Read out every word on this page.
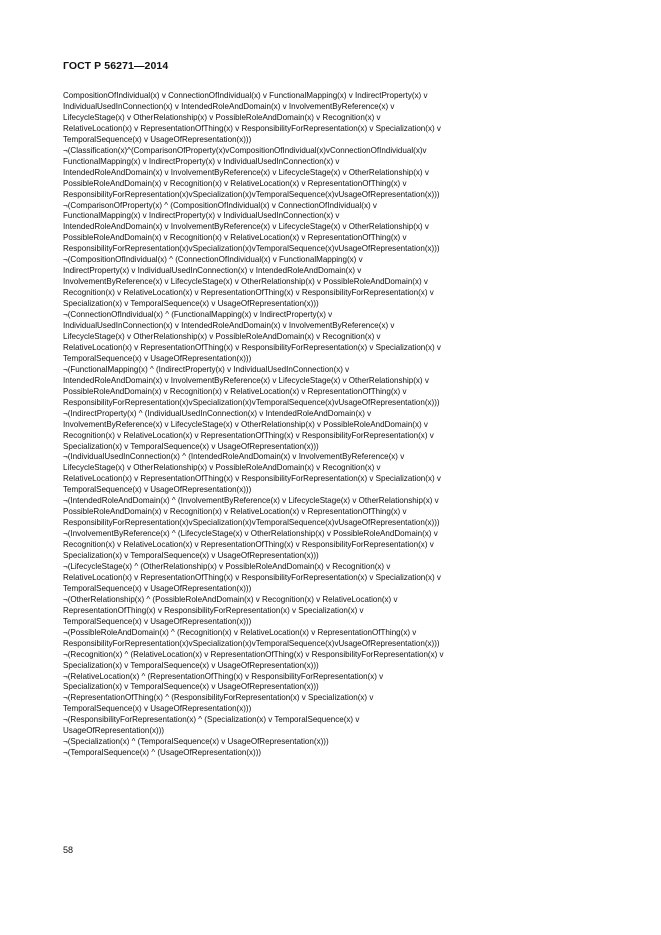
ГОСТ Р 56271—2014
CompositionOfIndividual(x) v ConnectionOfIndividual(x) v FunctionalMapping(x) v IndirectProperty(x) v
IndividualUsedInConnection(x) v IntendedRoleAndDomain(x) v InvolvementByReference(x) v
LifecycleStage(x) v OtherRelationship(x) v PossibleRoleAndDomain(x) v Recognition(x) v
RelativeLocation(x) v RepresentationOfThing(x) v ResponsibilityForRepresentation(x) v Specialization(x) v
TemporalSequence(x) v UsageOfRepresentation(x)))
¬(Classification(x)^(ComparisonOfProperty(x)vCompositionOfIndividual(x)vConnectionOfIndividual(x)v
FunctionalMapping(x) v IndirectProperty(x) v IndividualUsedInConnection(x) v
IntendedRoleAndDomain(x) v InvolvementByReference(x) v LifecycleStage(x) v OtherRelationship(x) v
PossibleRoleAndDomain(x) v Recognition(x) v RelativeLocation(x) v RepresentationOfThing(x) v
ResponsibilityForRepresentation(x)vSpecialization(x)vTemporalSequence(x)vUsageOfRepresentation(x)))
¬(ComparisonOfProperty(x) ^ (CompositionOfIndividual(x) v ConnectionOfIndividual(x) v
FunctionalMapping(x) v IndirectProperty(x) v IndividualUsedInConnection(x) v
IntendedRoleAndDomain(x) v InvolvementByReference(x) v LifecycleStage(x) v OtherRelationship(x) v
PossibleRoleAndDomain(x) v Recognition(x) v RelativeLocation(x) v RepresentationOfThing(x) v
ResponsibilityForRepresentation(x)vSpecialization(x)vTemporalSequence(x)vUsageOfRepresentation(x)))
¬(CompositionOfIndividual(x) ^ (ConnectionOfIndividual(x) v FunctionalMapping(x) v
IndirectProperty(x) v IndividualUsedInConnection(x) v IntendedRoleAndDomain(x) v
InvolvementByReference(x) v LifecycleStage(x) v OtherRelationship(x) v PossibleRoleAndDomain(x) v
Recognition(x) v RelativeLocation(x) v RepresentationOfThing(x) v ResponsibilityForRepresentation(x) v
Specialization(x) v TemporalSequence(x) v UsageOfRepresentation(x)))
¬(ConnectionOfIndividual(x) ^ (FunctionalMapping(x) v IndirectProperty(x) v
IndividualUsedInConnection(x) v IntendedRoleAndDomain(x) v InvolvementByReference(x) v
LifecycleStage(x) v OtherRelationship(x) v PossibleRoleAndDomain(x) v Recognition(x) v
RelativeLocation(x) v RepresentationOfThing(x) v ResponsibilityForRepresentation(x) v Specialization(x) v
TemporalSequence(x) v UsageOfRepresentation(x)))
¬(FunctionalMapping(x) ^ (IndirectProperty(x) v IndividualUsedInConnection(x) v
IntendedRoleAndDomain(x) v InvolvementByReference(x) v LifecycleStage(x) v OtherRelationship(x) v
PossibleRoleAndDomain(x) v Recognition(x) v RelativeLocation(x) v RepresentationOfThing(x) v
ResponsibilityForRepresentation(x)vSpecialization(x)vTemporalSequence(x)vUsageOfRepresentation(x)))
¬(IndirectProperty(x) ^ (IndividualUsedInConnection(x) v IntendedRoleAndDomain(x) v
InvolvementByReference(x) v LifecycleStage(x) v OtherRelationship(x) v PossibleRoleAndDomain(x) v
Recognition(x) v RelativeLocation(x) v RepresentationOfThing(x) v ResponsibilityForRepresentation(x) v
Specialization(x) v TemporalSequence(x) v UsageOfRepresentation(x)))
¬(IndividualUsedInConnection(x) ^ (IntendedRoleAndDomain(x) v InvolvementByReference(x) v
LifecycleStage(x) v OtherRelationship(x) v PossibleRoleAndDomain(x) v Recognition(x) v
RelativeLocation(x) v RepresentationOfThing(x) v ResponsibilityForRepresentation(x) v Specialization(x) v
TemporalSequence(x) v UsageOfRepresentation(x)))
¬(IntendedRoleAndDomain(x) ^ (InvolvementByReference(x) v LifecycleStage(x) v OtherRelationship(x) v
PossibleRoleAndDomain(x) v Recognition(x) v RelativeLocation(x) v RepresentationOfThing(x) v
ResponsibilityForRepresentation(x)vSpecialization(x)vTemporalSequence(x)vUsageOfRepresentation(x)))
¬(InvolvementByReference(x) ^ (LifecycleStage(x) v OtherRelationship(x) v PossibleRoleAndDomain(x) v
Recognition(x) v RelativeLocation(x) v RepresentationOfThing(x) v ResponsibilityForRepresentation(x) v
Specialization(x) v TemporalSequence(x) v UsageOfRepresentation(x)))
¬(LifecycleStage(x) ^ (OtherRelationship(x) v PossibleRoleAndDomain(x) v Recognition(x) v
RelativeLocation(x) v RepresentationOfThing(x) v ResponsibilityForRepresentation(x) v Specialization(x) v
TemporalSequence(x) v UsageOfRepresentation(x)))
¬(OtherRelationship(x) ^ (PossibleRoleAndDomain(x) v Recognition(x) v RelativeLocation(x) v
RepresentationOfThing(x) v ResponsibilityForRepresentation(x) v Specialization(x) v
TemporalSequence(x) v UsageOfRepresentation(x)))
¬(PossibleRoleAndDomain(x) ^ (Recognition(x) v RelativeLocation(x) v RepresentationOfThing(x) v
ResponsibilityForRepresentation(x)vSpecialization(x)vTemporalSequence(x)vUsageOfRepresentation(x)))
¬(Recognition(x) ^ (RelativeLocation(x) v RepresentationOfThing(x) v ResponsibilityForRepresentation(x) v
Specialization(x) v TemporalSequence(x) v UsageOfRepresentation(x)))
¬(RelativeLocation(x) ^ (RepresentationOfThing(x) v ResponsibilityForRepresentation(x) v
Specialization(x) v TemporalSequence(x) v UsageOfRepresentation(x)))
¬(RepresentationOfThing(x) ^ (ResponsibilityForRepresentation(x) v Specialization(x) v
TemporalSequence(x) v UsageOfRepresentation(x)))
¬(ResponsibilityForRepresentation(x) ^ (Specialization(x) v TemporalSequence(x) v
UsageOfRepresentation(x)))
¬(Specialization(x) ^ (TemporalSequence(x) v UsageOfRepresentation(x)))
¬(TemporalSequence(x) ^ (UsageOfRepresentation(x)))
58
